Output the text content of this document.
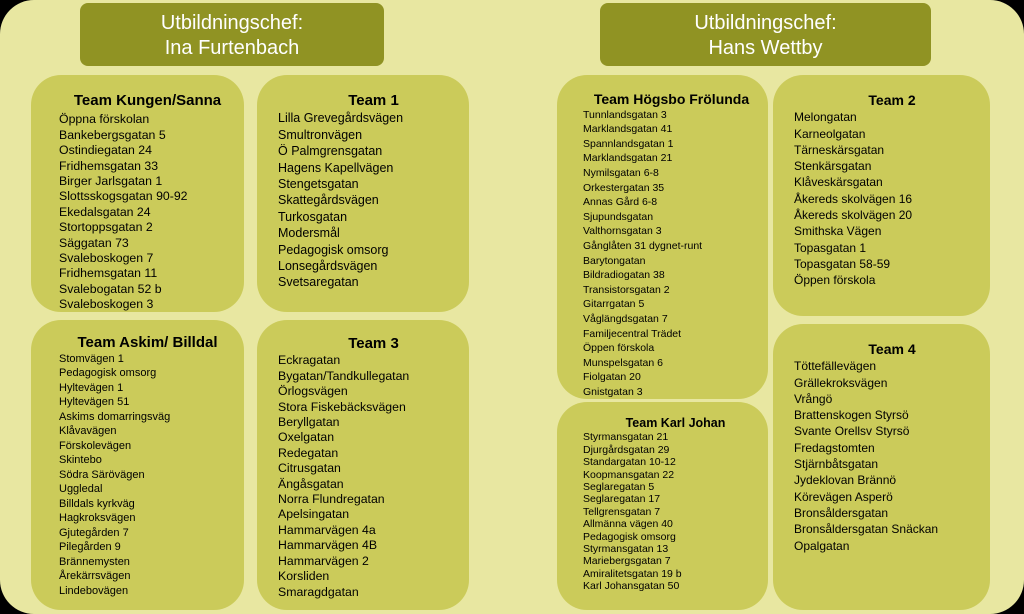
Utbildningschef:
Ina Furtenbach
Utbildningschef:
Hans Wettby
Team Kungen/Sanna
Öppna förskolan
Bankebergsgatan 5
Ostindiegatan 24
Fridhemsgatan 33
Birger Jarlsgatan 1
Slottsskogsgatan 90-92
Ekedalsgatan 24
Stortoppsgatan 2
Säggatan 73
Svaleboskogen 7
Fridhemsgatan 11
Svalebogatan 52 b
Svaleboskogen 3
Team 1
Lilla Grevegårdsvägen
Smultronvägen
Ö Palmgrensgatan
Hagens Kapellvägen
Stengetsgatan
Skattegårdsvägen
Turkosgatan
Modersmål
Pedagogisk omsorg
Lonsegårdsvägen
Svetsaregatan
Team Askim/ Billdal
Stomvägen 1
Pedagogisk omsorg
Hyltevägen 1
Hyltevägen 51
Askims domarringsväg
Klåvavägen
Förskolevägen
Skintebo
Södra Särövägen
Uggledal
Billdals kyrkväg
Hagkroksvägen
Gjutegården 7
Pilegården 9
Brännemysten
Årekärrsvägen
Lindebovägen
Team 3
Eckragatan
Bygatan/Tandkullegatan
Örlogsvägen
Stora Fiskebäcksvägen
Beryllgatan
Oxelgatan
Redegatan
Citrusgatan
Ängåsgatan
Norra Flundregatan
Apelsingatan
Hammarvägen 4a
Hammarvägen 4B
Hammarvägen 2
Korsliden
Smaragdgatan
Team Högsbo Frölunda
Tunnlandsgatan 3
Marklandsgatan 41
Spannlandsgatan 1
Marklandsgatan 21
Nymilsgatan 6-8
Orkestergatan 35
Annas Gård 6-8
Sjupundsgatan
Valthornsgatan 3
Gånglåten 31 dygnet-runt
Barytongatan
Bildradiogatan 38
Transistorsgatan 2
Gitarrgatan 5
Våglängdsgatan 7
Familjecentral Trädet
Öppen förskola
Munspelsgatan 6
Fiolgatan 20
Gnistgatan 3
Team 2
Melongatan
Karneolgatan
Tärneskärsgatan
Stenkärsgatan
Klåveskärsgatan
Åkereds skolvägen 16
Åkereds skolvägen 20
Smithska Vägen
Topasgatan 1
Topasgatan 58-59
Öppen förskola
Team Karl Johan
Styrmansgatan 21
Djurgårdsgatan 29
Standargatan 10-12
Koopmansgatan 22
Seglaregatan 5
Seglaregatan 17
Tellgrensgatan 7
Allmänna vägen 40
Pedagogisk omsorg
Styrmansgatan 13
Mariebergsgatan 7
Amiralitetsgatan 19 b
Karl Johansgatan 50
Team 4
Töttefällevägen
Grällekroksvägen
Vrångö
Brattenskogen Styrsö
Svante Orellsv Styrsö
Fredagstomten
Stjärnbåtsgatan
Jydeklovan Brännö
Körevägen Asperö
Bronsåldersgatan
Bronsåldersgatan Snäckan
Opalgatan
